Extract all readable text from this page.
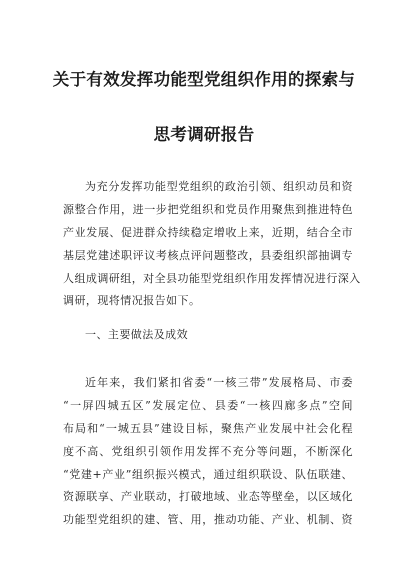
关于有效发挥功能型党组织作用的探索与
思考调研报告
为充分发挥功能型党组织的政治引领、组织动员和资
源整合作用，进一步把党组织和党员作用聚焦到推进特色
产业发展、促进群众持续稳定增收上来，近期，结合全市
基层党建述职评议考核点评问题整改，县委组织部抽调专
人组成调研组，对全县功能型党组织作用发挥情况进行深入
调研，现将情况报告如下。
一、主要做法及成效
近年来，我们紧扣省委“一核三带”发展格局、市委
“一屏四城五区”发展定位、县委“一核四廊多点”空间
布局和“一城五县”建设目标，聚焦产业发展中社会化程
度不高、党组织引领作用发挥不充分等问题，不断深化
“党建+产业”组织振兴模式，通过组织联设、队伍联建、
资源联享、产业联动，打破地域、业态等壁垒，以区域化
功能型党组织的建、管、用，推动功能、产业、机制、资
